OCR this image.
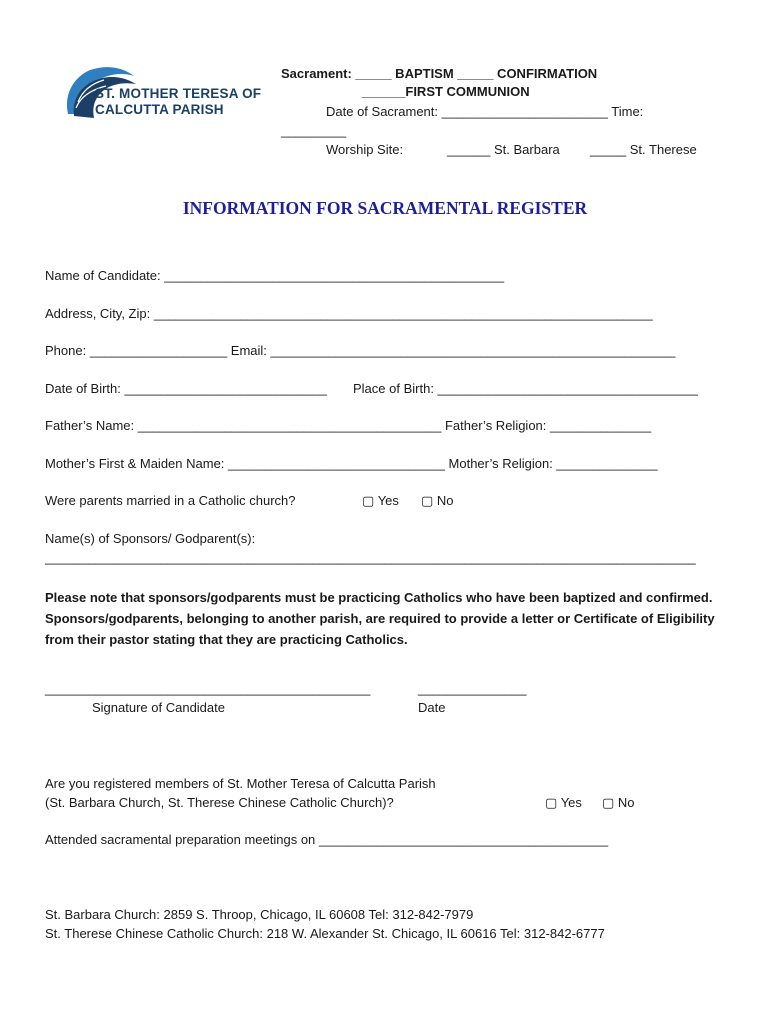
ST. MOTHER TERESA OF
CALCUTTA PARISH
Sacrament: _____ BAPTISM _____ CONFIRMATION
______FIRST COMMUNION
Date of Sacrament: _______________________ Time:
_________
Worship Site:	______ St. Barbara _____ St. Therese
INFORMATION FOR SACRAMENTAL REGISTER
Name of Candidate: _______________________________________________
Address, City, Zip: _____________________________________________________________________
Phone: ___________________ Email: ________________________________________________________
Date of Birth: ____________________________ Place of Birth: ____________________________________
Father’s Name: __________________________________________ Father’s Religion: ______________
Mother’s First & Maiden Name: ______________________________ Mother’s Religion: ______________
Were parents married in a Catholic church?	▢ Yes ▢ No
Name(s) of Sponsors/ Godparent(s):
__________________________________________________________________________________________
Please note that sponsors/godparents must be practicing Catholics who have been baptized and confirmed. Sponsors/godparents, belonging to another parish, are required to provide a letter or Certificate of Eligibility from their pastor stating that they are practicing Catholics.
_____________________________________________	_______________
Signature of Candidate	Date
Are you registered members of St. Mother Teresa of Calcutta Parish
(St. Barbara Church, St. Therese Chinese Catholic Church)?	▢ Yes ▢ No
Attended sacramental preparation meetings on ________________________________________
St. Barbara Church: 2859 S. Throop, Chicago, IL 60608 Tel: 312-842-7979
St. Therese Chinese Catholic Church: 218 W. Alexander St. Chicago, IL 60616 Tel: 312-842-6777
